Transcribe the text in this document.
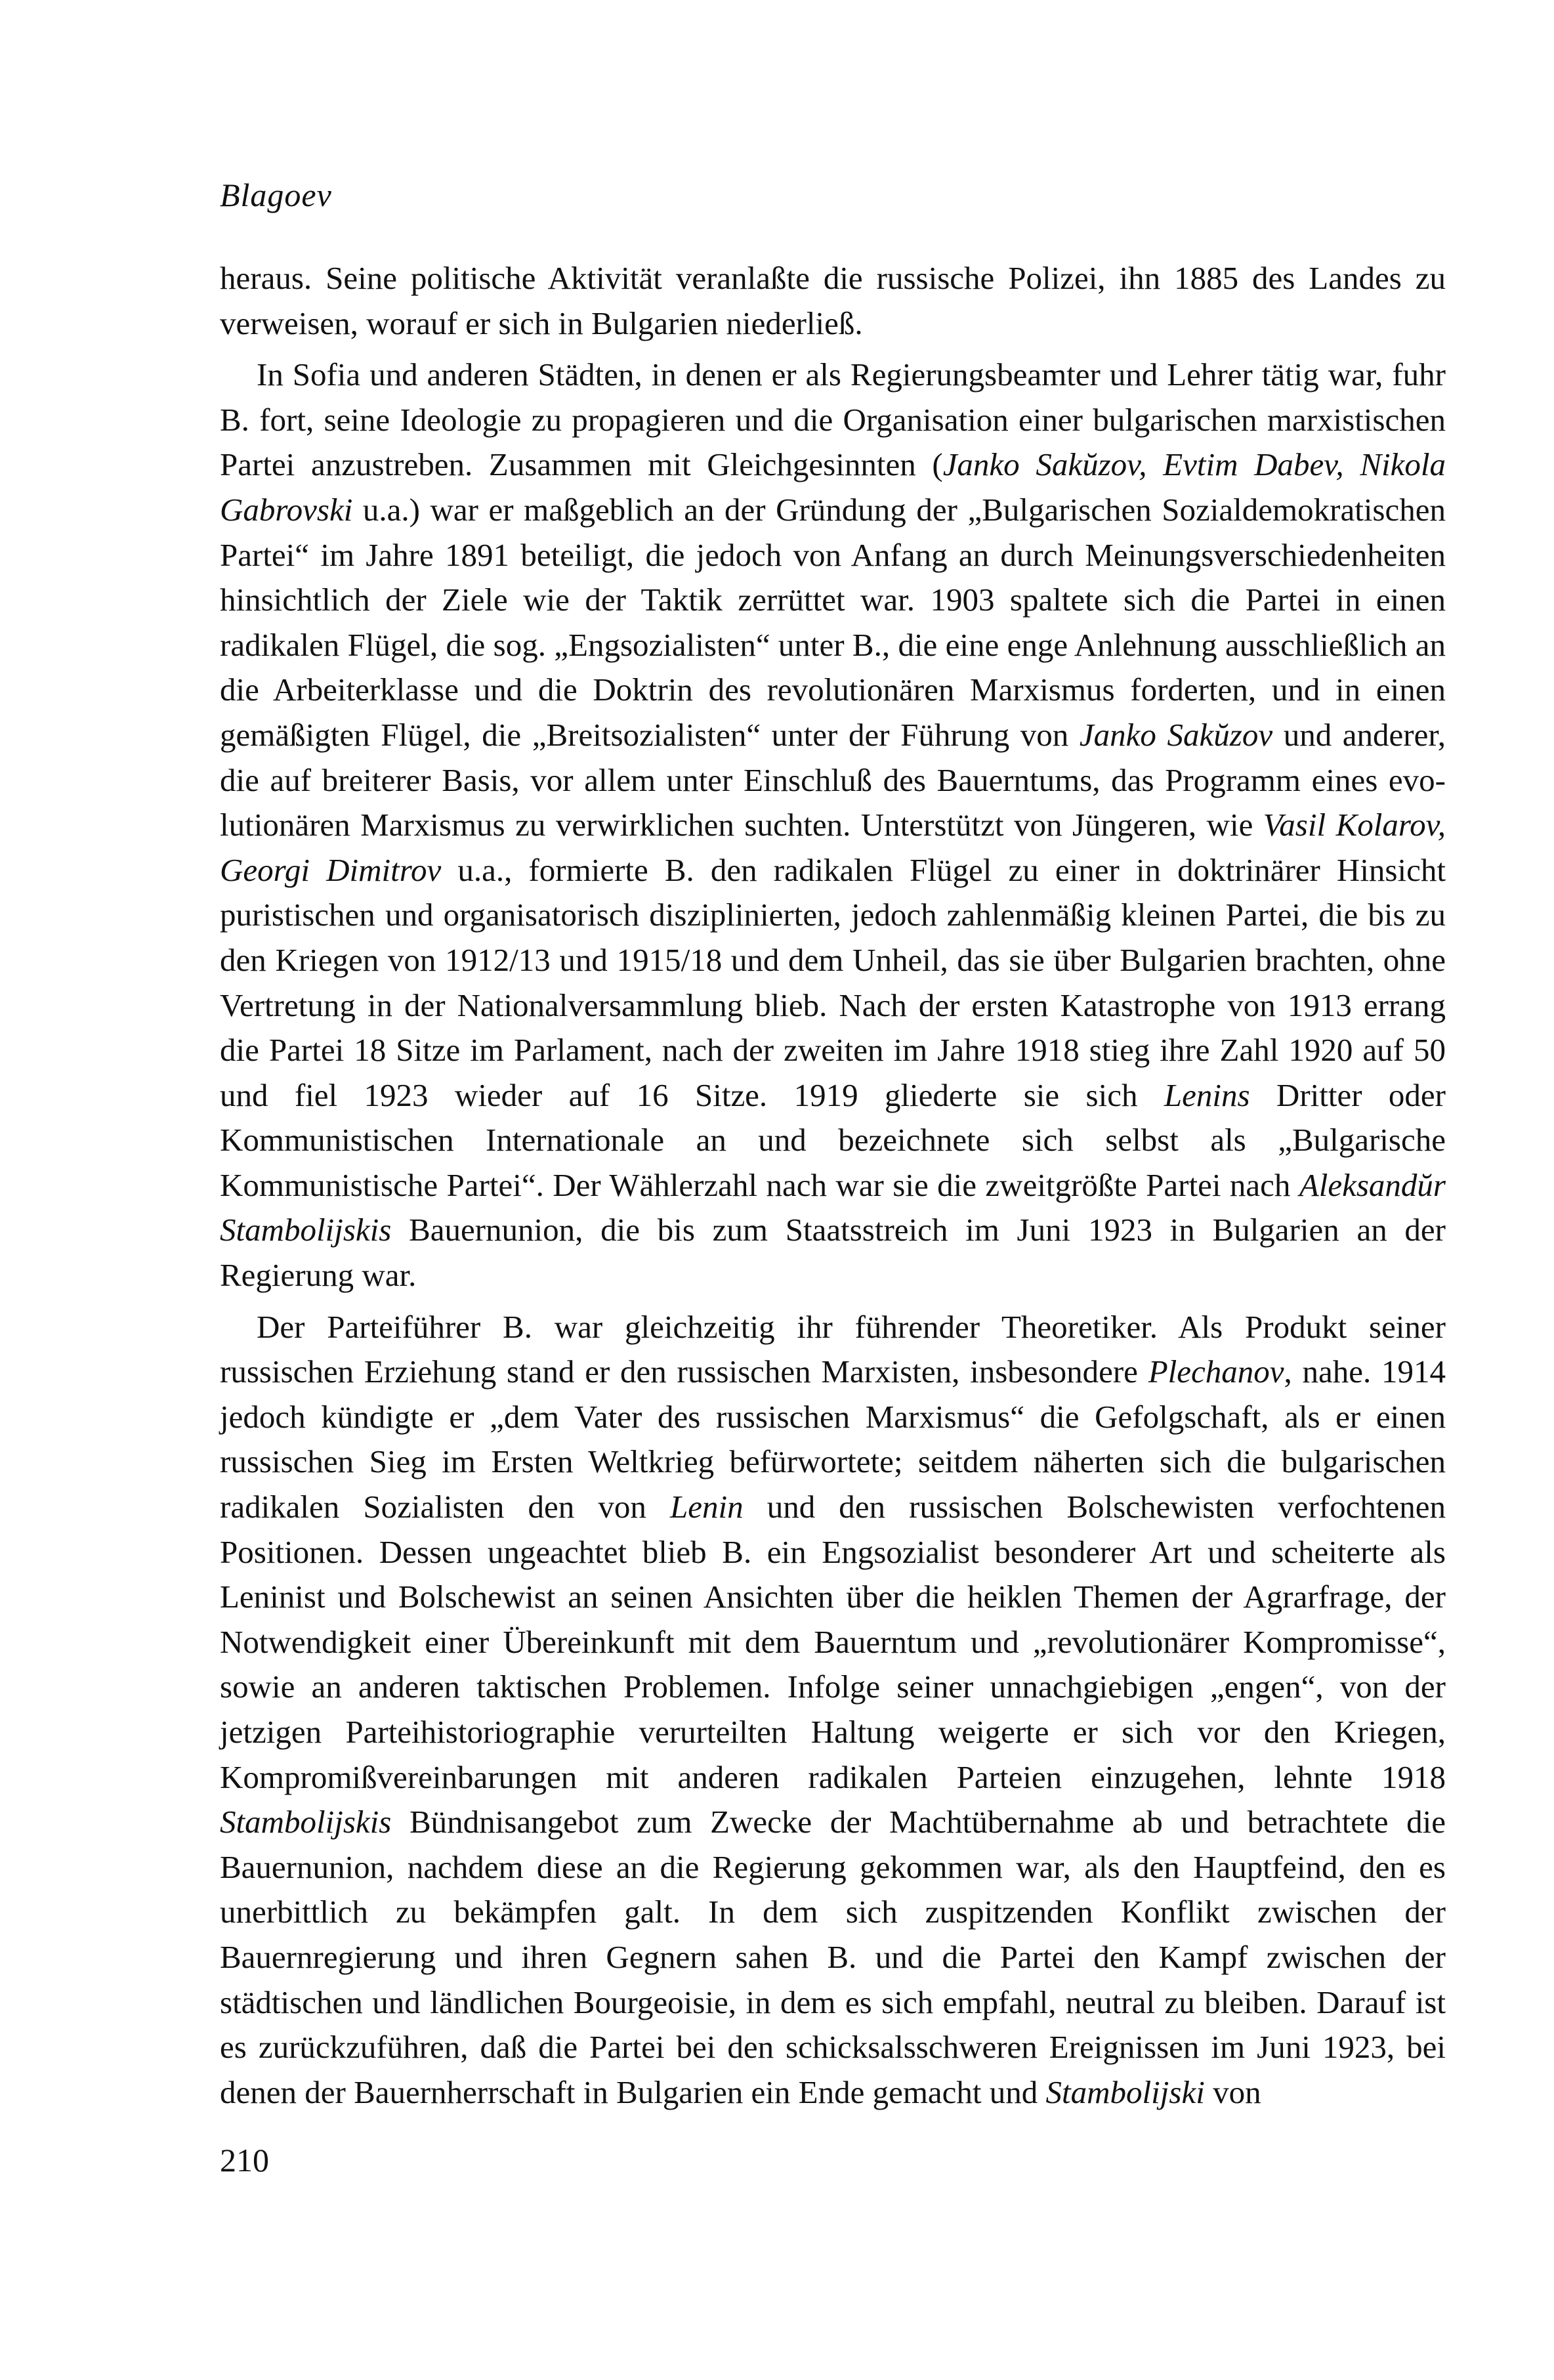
Blagoev

heraus. Seine politische Aktivität veranlaßte die russische Polizei, ihn 1885 des Landes zu verweisen, worauf er sich in Bulgarien niederließ.

In Sofia und anderen Städten, in denen er als Regierungsbeamter und Lehrer tätig war, fuhr B. fort, seine Ideologie zu propagieren und die Organisation einer bulgarischen marxistischen Partei anzustreben. Zusammen mit Gleichgesinnten (Janko Sakŭzov, Evtim Dabev, Nikola Gabrovski u.a.) war er maßgeblich an der Gründung der „Bulgarischen Sozialdemokratischen Partei“ im Jahre 1891 beteiligt, die jedoch von Anfang an durch Meinungsverschiedenheiten hinsichtlich der Ziele wie der Taktik zerrüttet war. 1903 spaltete sich die Partei in einen radikalen Flügel, die sog. „Engsozialisten“ unter B., die eine enge Anlehnung ausschließlich an die Arbeiterklasse und die Doktrin des revolutionären Marxismus forderten, und in einen gemäßigten Flügel, die „Breitsozialisten“ unter der Führung von Janko Sakŭzov und anderer, die auf breiterer Basis, vor allem unter Einschluß des Bauerntums, das Programm eines evolutionären Marxismus zu verwirklichen suchten. Unterstützt von Jüngeren, wie Vasil Kolarov, Georgi Dimitrov u.a., formierte B. den radikalen Flügel zu einer in doktrinärer Hinsicht puristischen und organisatorisch disziplinierten, jedoch zahlenmäßig kleinen Partei, die bis zu den Kriegen von 1912/13 und 1915/18 und dem Unheil, das sie über Bulgarien brachten, ohne Vertretung in der Nationalversammlung blieb. Nach der ersten Katastrophe von 1913 errang die Partei 18 Sitze im Parlament, nach der zweiten im Jahre 1918 stieg ihre Zahl 1920 auf 50 und fiel 1923 wieder auf 16 Sitze. 1919 gliederte sie sich Lenins Dritter oder Kommunistischen Internationale an und bezeichnete sich selbst als „Bulgarische Kommunistische Partei“. Der Wählerzahl nach war sie die zweitgrößte Partei nach Aleksandŭr Stambolijskis Bauernunion, die bis zum Staatsstreich im Juni 1923 in Bulgarien an der Regierung war.

Der Parteiführer B. war gleichzeitig ihr führender Theoretiker. Als Produkt seiner russischen Erziehung stand er den russischen Marxisten, insbesondere Plechanov, nahe. 1914 jedoch kündigte er „dem Vater des russischen Marxismus“ die Gefolgschaft, als er einen russischen Sieg im Ersten Weltkrieg befürwortete; seitdem näherten sich die bulgarischen radikalen Sozialisten den von Lenin und den russischen Bolschewisten verfochtenen Positionen. Dessen ungeachtet blieb B. ein Engsozialist besonderer Art und scheiterte als Leninist und Bolschewist an seinen Ansichten über die heiklen Themen der Agrarfrage, der Notwendigkeit einer Übereinkunft mit dem Bauerntum und „revolutionärer Kompromisse“, sowie an anderen taktischen Problemen. Infolge seiner unnachgiebigen „engen“, von der jetzigen Parteihistoriographie verurteilten Haltung weigerte er sich vor den Kriegen, Kompromißvereinbarungen mit anderen radikalen Parteien einzugehen, lehnte 1918 Stambolijskis Bündnisangebot zum Zwecke der Machtübernahme ab und betrachtete die Bauernunion, nachdem diese an die Regierung gekommen war, als den Hauptfeind, den es unerbittlich zu bekämpfen galt. In dem sich zuspitzenden Konflikt zwischen der Bauernregierung und ihren Gegnern sahen B. und die Partei den Kampf zwischen der städtischen und ländlichen Bourgeoisie, in dem es sich empfahl, neutral zu bleiben. Darauf ist es zurückzuführen, daß die Partei bei den schicksalsschweren Ereignissen im Juni 1923, bei denen der Bauernherrschaft in Bulgarien ein Ende gemacht und Stambolijski von

210
